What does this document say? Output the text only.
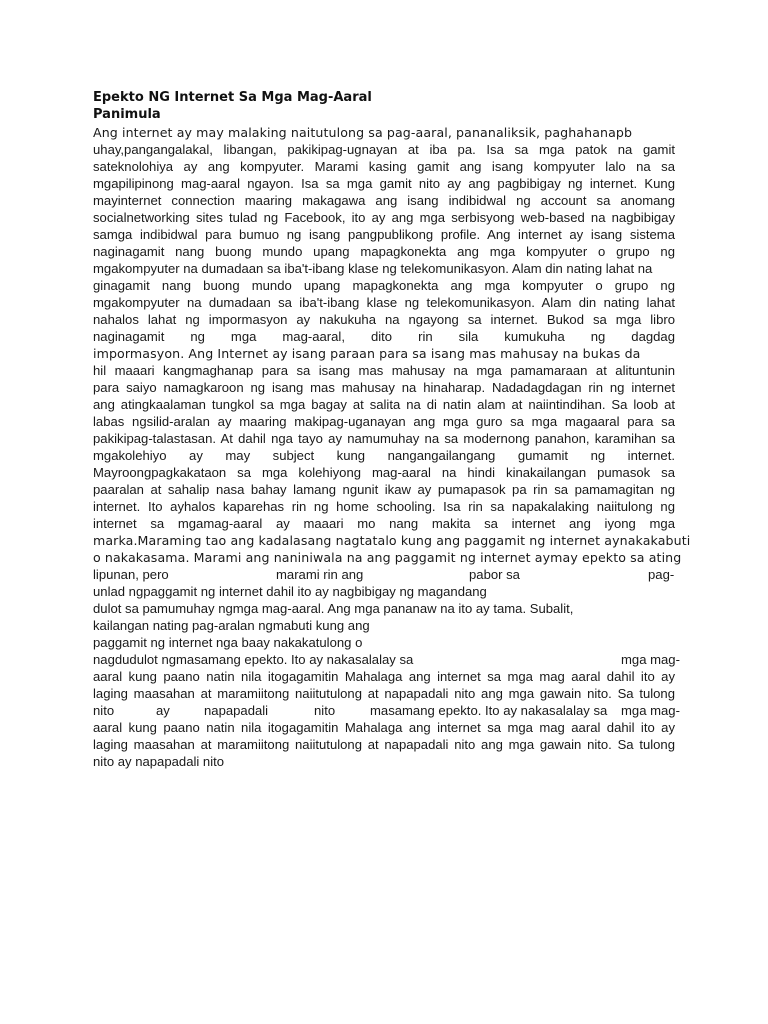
Epekto NG Internet Sa Mga Mag-Aaral
Panimula
Ang internet ay may malaking naitutulong sa pag-aaral, pananaliksik, paghahanapb
uhay,pangangalakal, libangan, pakikipag-ugnayan at iba pa. Isa sa mga patok na gamit
sateknolohiya ay ang kompyuter. Marami kasing gamit ang isang kompyuter lalo na sa
mgapilipinong mag-aaral ngayon. Isa sa mga gamit nito ay ang pagbibigay ng internet. Kung
mayinternet connection maaring makagawa ang isang indibidwal ng account sa anomang
socialnetworking sites tulad ng Facebook, ito ay ang mga serbisyong web-based na nagbibigay
samga indibidwal para bumuo ng isang pangpublikong profile. Ang internet ay isang sistema
naginagamit nang buong mundo upang mapagkonekta ang mga kompyuter o grupo ng
mgakompyuter na dumadaan sa iba't-ibang klase ng telekomunikasyon. Alam din nating lahat na
ginagamit nang buong mundo upang mapagkonekta ang mga kompyuter o grupo ng
mgakompyuter na dumadaan sa iba't-ibang klase ng telekomunikasyon. Alam din nating lahat
nahalos lahat ng impormasyon ay nakukuha na ngayong sa internet. Bukod sa mga libro
naginagamit ng mga mag-aaral, dito rin sila kumukuha ng dagdag
impormasyon. Ang Internet ay isang paraan para sa isang mas mahusay na bukas da
hil maaari kangmaghanap para sa isang mas mahusay na mga pamamaraan at alituntunin
para saiyo namagkaroon ng isang mas mahusay na hinaharap. Nadadagdagan rin ng internet
ang atingkaalaman tungkol sa mga bagay at salita na di natin alam at naiintindihan. Sa loob at
labas ngsilid-aralan ay maaring makipag-uganayan ang mga guro sa mga magaaral para sa
pakikipag-talastasan. At dahil nga tayo ay namumuhay na sa modernong panahon, karamihan sa
mgakolehiyo ay may subject kung nangangailangang gumamit ng internet.
Mayroongpagkakataon sa mga kolehiyong mag-aaral na hindi kinakailangan pumasok sa
paaralan at sahalip nasa bahay lamang ngunit ikaw ay pumapasok pa rin sa pamamagitan ng
internet. Ito ayhalos kaparehas rin ng home schooling. Isa rin sa napakalaking naiitulong ng
internet sa mgamag-aaral ay maaari mo nang makita sa internet ang iyong mga
marka.Maraming tao ang kadalasang nagtatalo kung ang paggamit ng internet aynakakabuti
o nakakasama. Marami ang naniniwala na ang paggamit ng internet aymay epekto sa ating
lipunan, pero	marami rin ang	pabor sa	pag-
unlad ngpaggamit ng internet dahil ito ay nagbibigay ng magandang
dulot sa pamumuhay ngmga mag-aaral. Ang mga pananaw na ito ay tama. Subalit,
kailangan nating pag-aralan ngmabuti kung ang
paggamit ng internet nga baay nakakatulong o
nagdudulot ngmasamang epekto. Ito ay nakasalalay sa	mga mag-
aaral kung paano natin nila itogagamitin Mahalaga ang internet sa mga mag aaral dahil ito ay
laging maasahan at maramiitong naiitutulong at napapadali nito ang mga gawain nito. Sa tulong
nito	ay	napapadali	nito	masamang epekto. Ito ay nakasalalay sa mga mag-
aaral kung paano natin nila itogagamitin Mahalaga ang internet sa mga mag aaral dahil ito ay
laging maasahan at maramiitong naiitutulong at napapadali nito ang mga gawain nito. Sa tulong
nito ay napapadali nito
